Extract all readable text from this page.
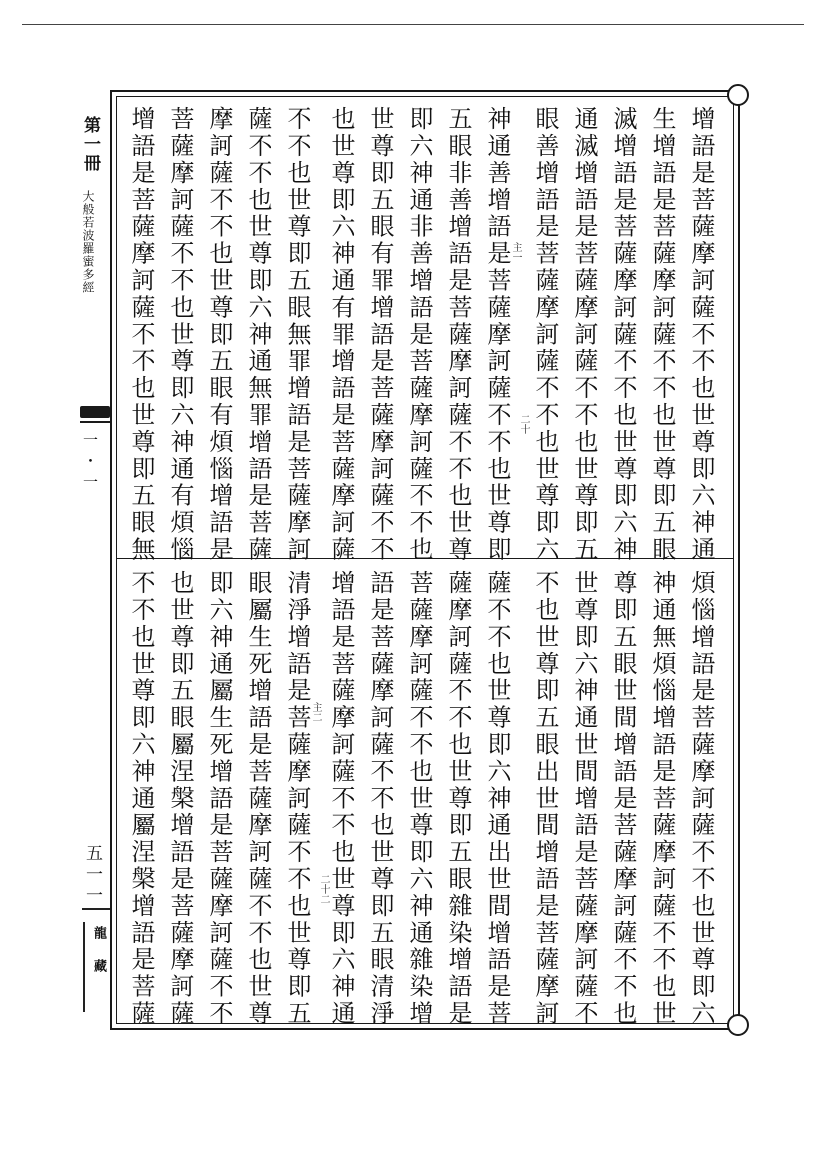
第一冊
大般若波羅蜜多經
一・一
五一一
龍藏
增語是菩薩摩訶薩不不也世尊即六神通
生增語是菩薩摩訶薩不不也世尊即五眼
滅增語是菩薩摩訶薩不不也世尊即六神
通滅增語是菩薩摩訶薩不不也世尊即五
眼善增語是菩薩摩訶薩不不也世尊即六
神通善增語是菩薩摩訶薩不不也世尊即
五眼非善增語是菩薩摩訶薩不不也世尊
即六神通非善增語是菩薩摩訶薩不不也
世尊即五眼有罪增語是菩薩摩訶薩不不
也世尊即六神通有罪增語是菩薩摩訶薩
不不也世尊即五眼無罪增語是菩薩摩訶
薩不不也世尊即六神通無罪增語是菩薩
摩訶薩不不也世尊即五眼有煩惱增語是
菩薩摩訶薩不不也世尊即六神通有煩惱
增語是菩薩摩訶薩不不也世尊即五眼無	二十
主一
煩惱增語是菩薩摩訶薩不不也世尊即六
神通無煩惱增語是菩薩摩訶薩不不也世
尊即五眼世間增語是菩薩摩訶薩不不也
世尊即六神通世間增語是菩薩摩訶薩不
不也世尊即五眼出世間增語是菩薩摩訶
薩不不也世尊即六神通出世間增語是菩
薩摩訶薩不不也世尊即五眼雜染增語是
菩薩摩訶薩不不也世尊即六神通雜染增
語是菩薩摩訶薩不不也世尊即五眼清淨
增語是菩薩摩訶薩不不也世尊即六神通
清淨增語是菩薩摩訶薩不不也世尊即五
眼屬生死增語是菩薩摩訶薩不不也世尊
即六神通屬生死增語是菩薩摩訶薩不不
也世尊即五眼屬涅槃增語是菩薩摩訶薩
不不也世尊即六神通屬涅槃增語是菩薩	二十二
主二
